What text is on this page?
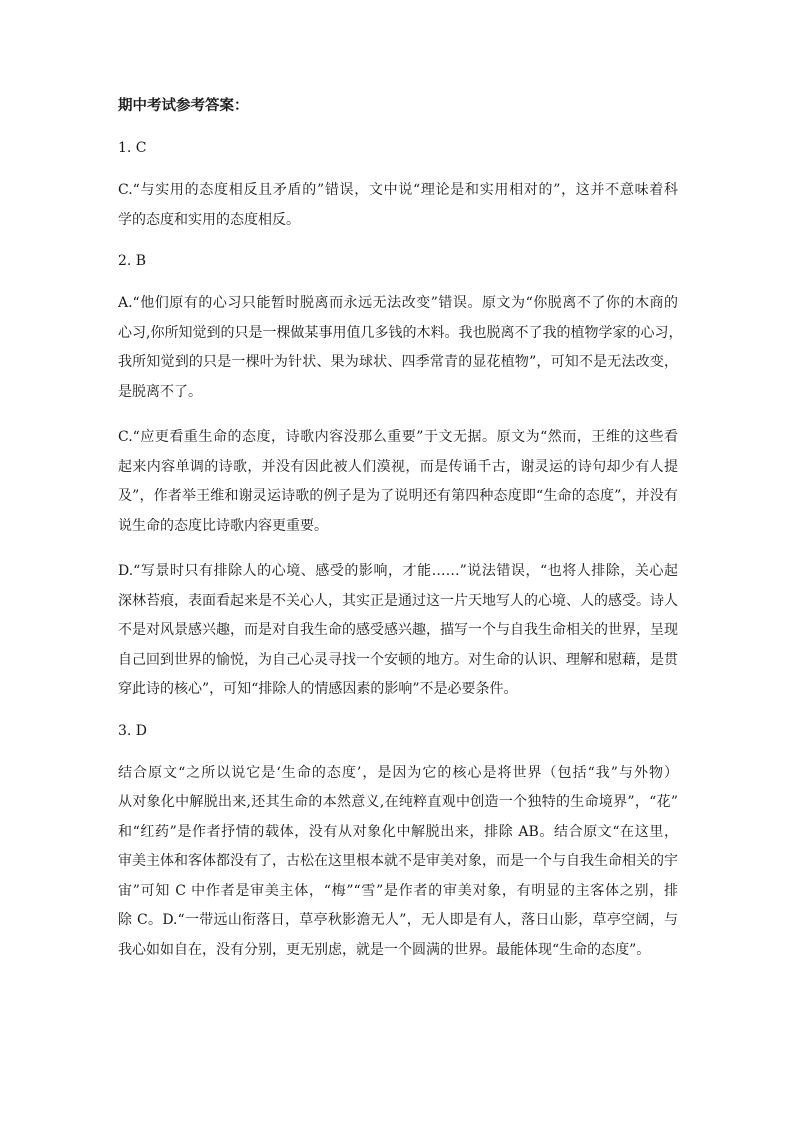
期中考试参考答案：
1. C
C.“与实用的态度相反且矛盾的”错误，文中说“理论是和实用相对的”，这并不意味着科
学的态度和实用的态度相反。
2. B
A.“他们原有的心习只能暂时脱离而永远无法改变”错误。原文为“你脱离不了你的木商的
心习,你所知觉到的只是一棵做某事用值几多钱的木料。我也脱离不了我的植物学家的心习，
我所知觉到的只是一棵叶为针状、果为球状、四季常青的显花植物”，可知不是无法改变，
是脱离不了。
C.“应更看重生命的态度，诗歌内容没那么重要”于文无据。原文为“然而，王维的这些看
起来内容单调的诗歌，并没有因此被人们漠视，而是传诵千古，谢灵运的诗句却少有人提
及”，作者举王维和谢灵运诗歌的例子是为了说明还有第四种态度即“生命的态度”，并没有
说生命的态度比诗歌内容更重要。
D.“写景时只有排除人的心境、感受的影响，才能……”说法错误，“也将人排除，关心起
深林苔痕，表面看起来是不关心人，其实正是通过这一片天地写人的心境、人的感受。诗人
不是对风景感兴趣，而是对自我生命的感受感兴趣，描写一个与自我生命相关的世界，呈现
自己回到世界的愉悦，为自己心灵寻找一个安顿的地方。对生命的认识、理解和慰藉，是贯
穿此诗的核心”，可知“排除人的情感因素的影响”不是必要条件。
3. D
结合原文“之所以说它是‘生命的态度’，是因为它的核心是将世界（包括“我”与外物）
从对象化中解脱出来,还其生命的本然意义,在纯粹直观中创造一个独特的生命境界”，“花”
和“红药”是作者抒情的载体，没有从对象化中解脱出来，排除 AB。结合原文“在这里，
审美主体和客体都没有了，古松在这里根本就不是审美对象，而是一个与自我生命相关的宇
宙”可知 C 中作者是审美主体，“梅”“雪”是作者的审美对象，有明显的主客体之别，排
除 C。D.“一带远山衔落日，草亭秋影澹无人”，无人即是有人，落日山影，草亭空阔，与
我心如如自在，没有分别，更无别虑，就是一个圆满的世界。最能体现“生命的态度”。
